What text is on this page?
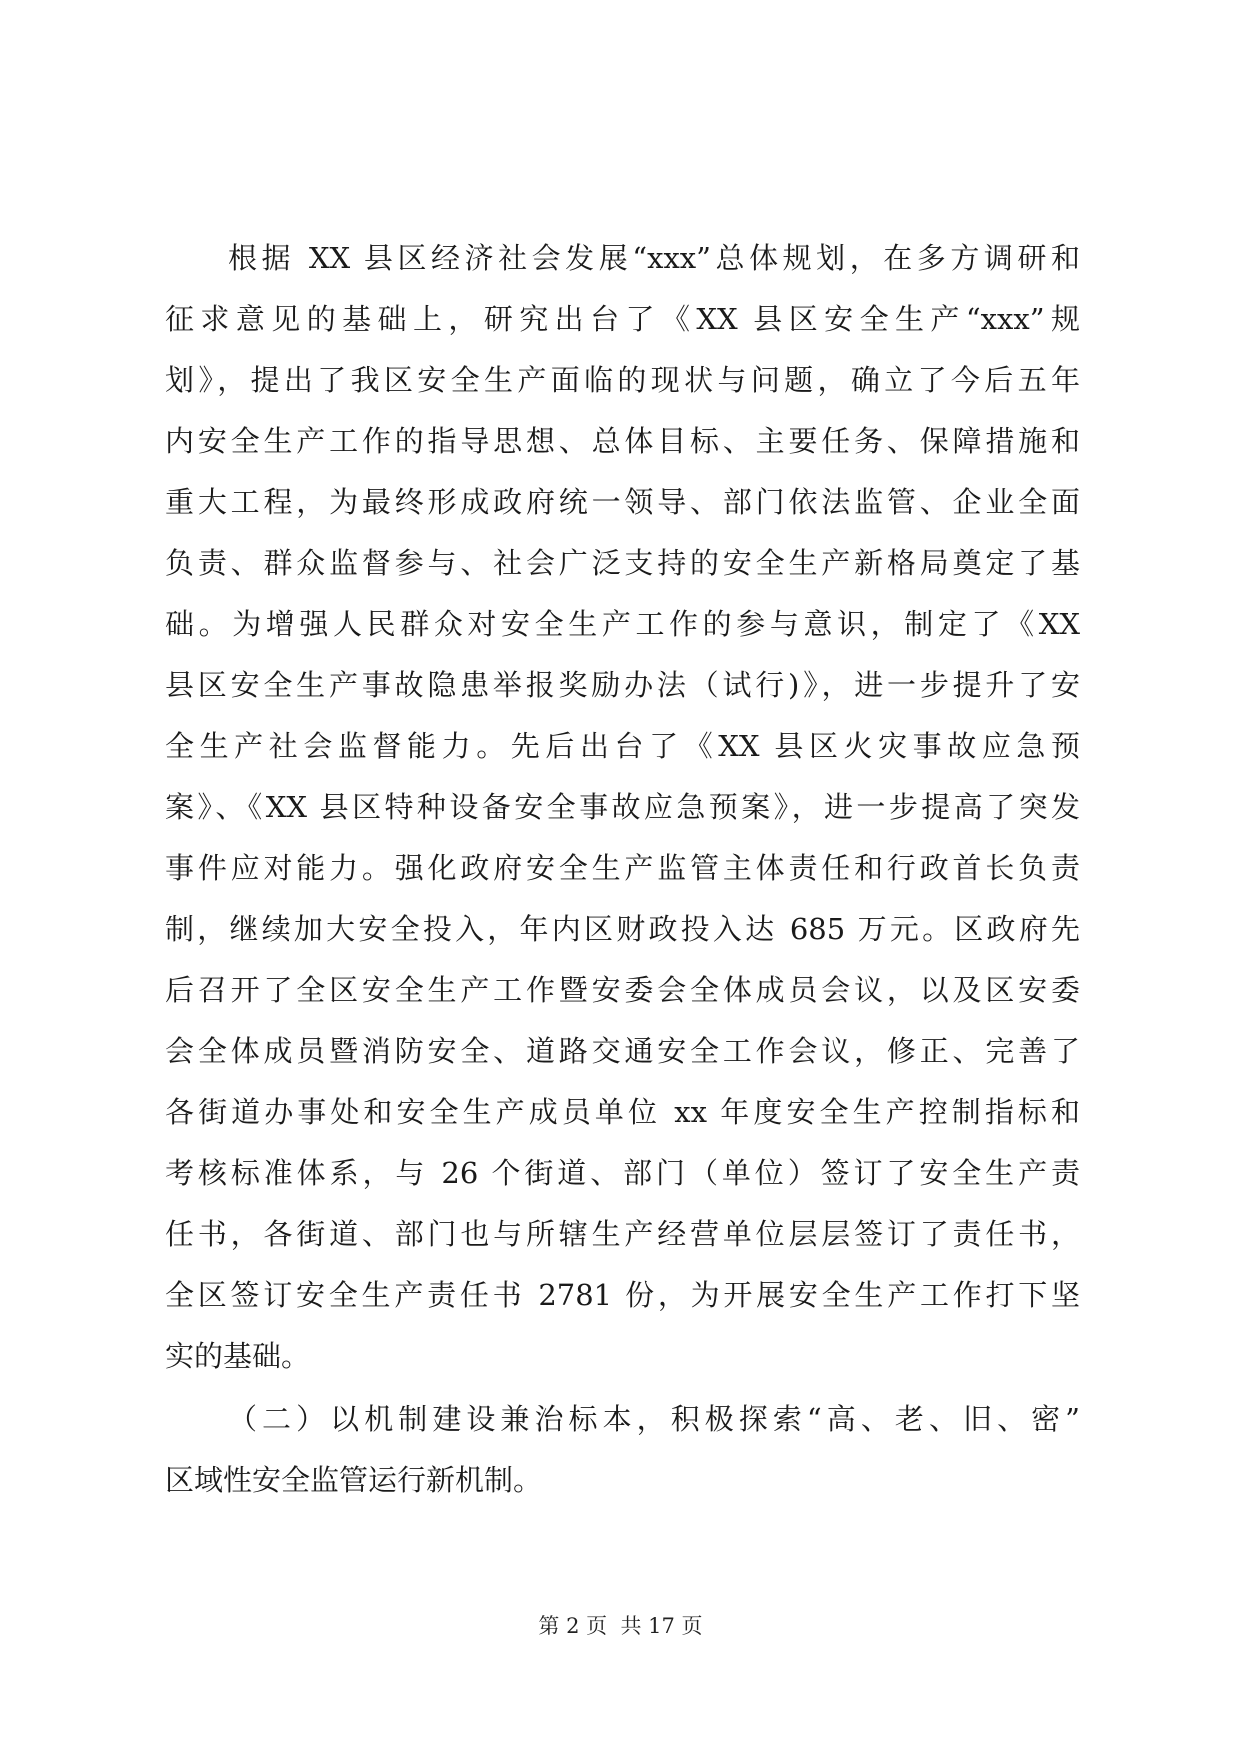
根据 XX 县区经济社会发展“xxx”总体规划，在多方调研和
征求意见的基础上，研究出台了《XX 县区安全生产“xxx”规
划》，提出了我区安全生产面临的现状与问题，确立了今后五年
内安全生产工作的指导思想、总体目标、主要任务、保障措施和
重大工程，为最终形成政府统一领导、部门依法监管、企业全面
负责、群众监督参与、社会广泛支持的安全生产新格局奠定了基
础。为增强人民群众对安全生产工作的参与意识，制定了《XX
县区安全生产事故隐患举报奖励办法（试行)》，进一步提升了安
全生产社会监督能力。先后出台了《XX 县区火灾事故应急预
案》、《XX 县区特种设备安全事故应急预案》，进一步提高了突发
事件应对能力。强化政府安全生产监管主体责任和行政首长负责
制，继续加大安全投入，年内区财政投入达 685 万元。区政府先
后召开了全区安全生产工作暨安委会全体成员会议，以及区安委
会全体成员暨消防安全、道路交通安全工作会议，修正、完善了
各街道办事处和安全生产成员单位 xx 年度安全生产控制指标和
考核标准体系，与 26 个街道、部门（单位）签订了安全生产责
任书，各街道、部门也与所辖生产经营单位层层签订了责任书，
全区签订安全生产责任书 2781 份，为开展安全生产工作打下坚
实的基础。
（二）以机制建设兼治标本，积极探索“高、老、旧、密”
区域性安全监管运行新机制。
第 2 页  共 17 页
